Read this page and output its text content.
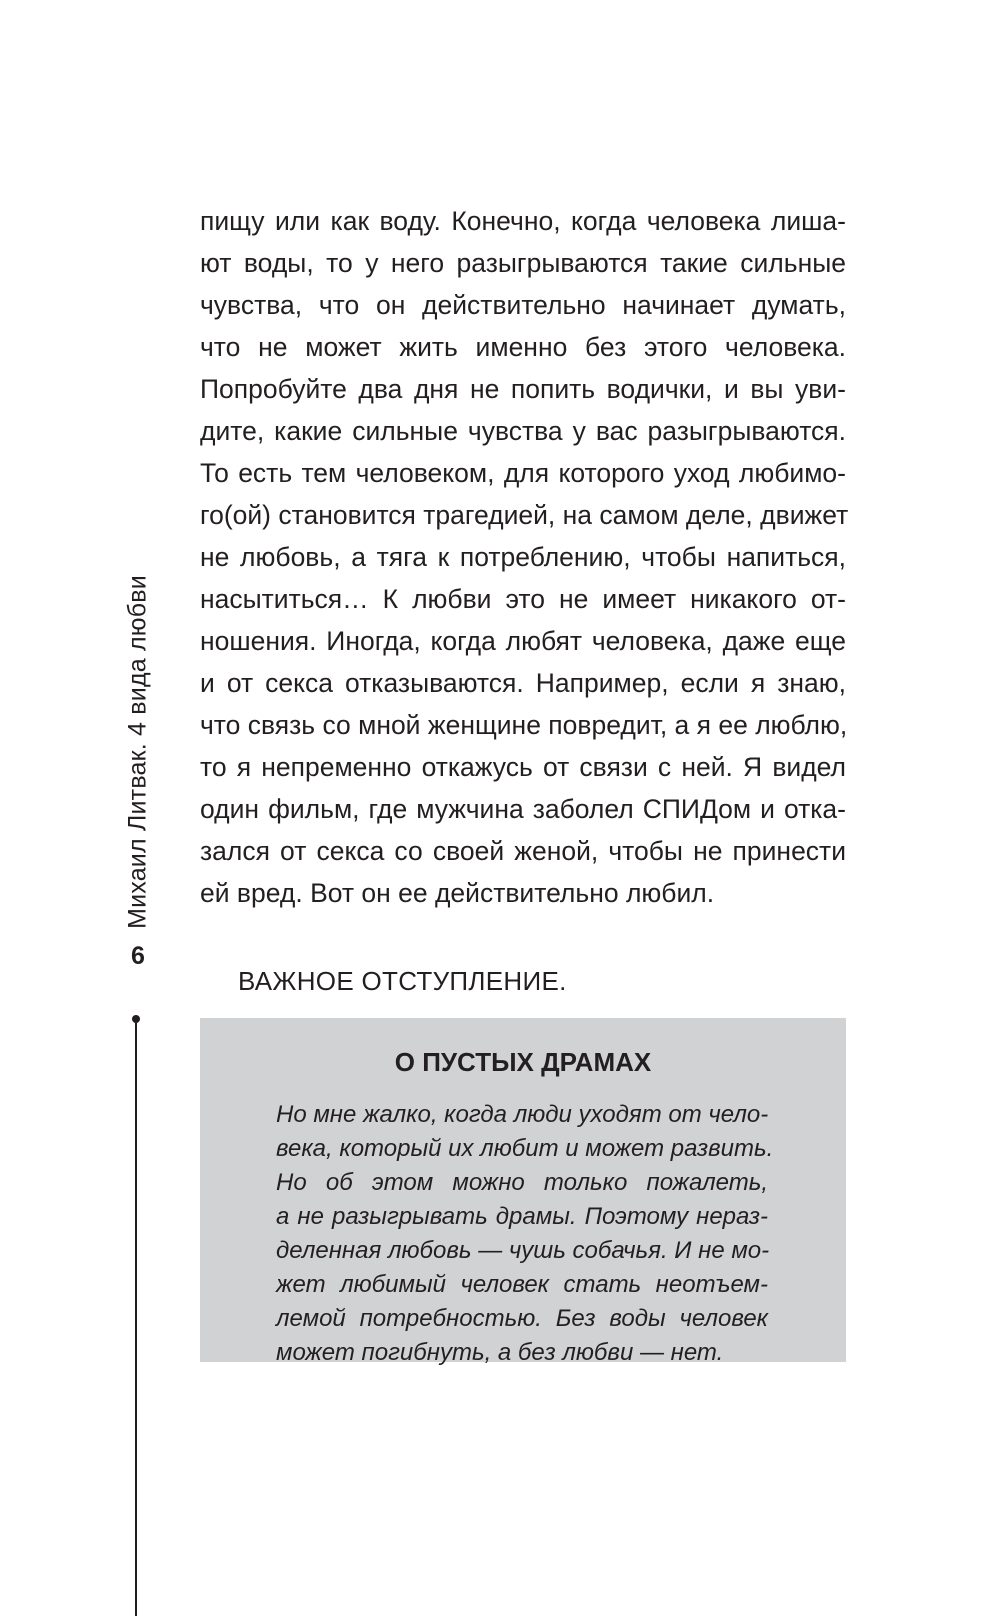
Михаил Литвак. 4 вида любви
6
пищу или как воду. Конечно, когда человека лиша-
ют воды, то у него разыгрываются такие сильные
чувства, что он действительно начинает думать,
что не может жить именно без этого человека.
Попробуйте два дня не попить водички, и вы уви-
дите, какие сильные чувства у вас разыгрываются.
То есть тем человеком, для которого уход любимо-
го(ой) становится трагедией, на самом деле, движет
не любовь, а тяга к потреблению, чтобы напиться,
насытиться… К любви это не имеет никакого от-
ношения. Иногда, когда любят человека, даже еще
и от секса отказываются. Например, если я знаю,
что связь со мной женщине повредит, а я ее люблю,
то я непременно откажусь от связи с ней. Я видел
один фильм, где мужчина заболел СПИДом и отка-
зался от секса со своей женой, чтобы не принести
ей вред. Вот он ее действительно любил.
ВАЖНОЕ ОТСТУПЛЕНИЕ.
О ПУСТЫХ ДРАМАХ
Но мне жалко, когда люди уходят от чело-
века, который их любит и может развить.
Но об этом можно только пожалеть,
а не разыгрывать драмы. Поэтому нераз-
деленная любовь — чушь собачья. И не мо-
жет любимый человек стать неотъем-
лемой потребностью. Без воды человек
может погибнуть, а без любви — нет.
